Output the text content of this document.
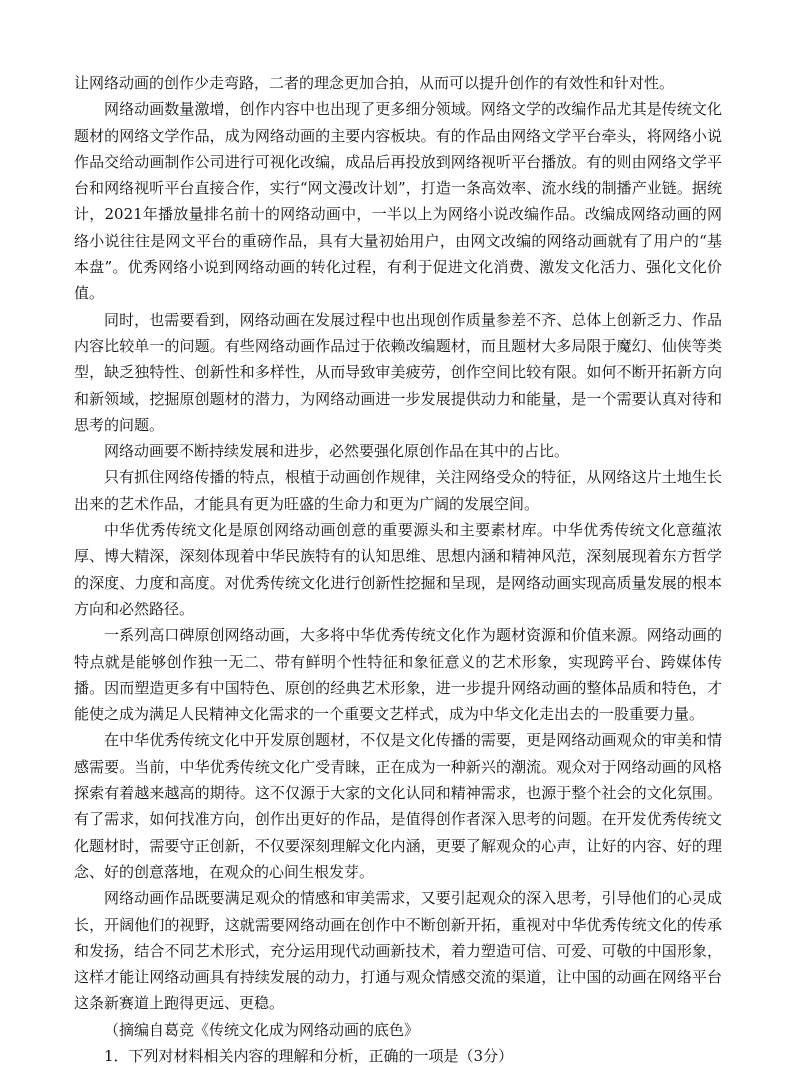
让网络动画的创作少走弯路，二者的理念更加合拍，从而可以提升创作的有效性和针对性。

网络动画数量激增，创作内容中也出现了更多细分领域。网络文学的改编作品尤其是传统文化题材的网络文学作品，成为网络动画的主要内容板块。有的作品由网络文学平台牵头，将网络小说作品交给动画制作公司进行可视化改编，成品后再投放到网络视听平台播放。有的则由网络文学平台和网络视听平台直接合作，实行“网文漫改计划”，打造一条高效率、流水线的制播产业链。据统计，2021年播放量排名前十的网络动画中，一半以上为网络小说改编作品。改编成网络动画的网络小说往往是网文平台的重磅作品，具有大量初始用户，由网文改编的网络动画就有了用户的“基本盘”。优秀网络小说到网络动画的转化过程，有利于促进文化消费、激发文化活力、强化文化价值。

同时，也需要看到，网络动画在发展过程中也出现创作质量参差不齐、总体上创新乏力、作品内容比较单一的问题。有些网络动画作品过于依赖改编题材，而且题材大多局限于魔幻、仙侠等类型，缺乏独特性、创新性和多样性，从而导致审美疲劳，创作空间比较有限。如何不断开拓新方向和新领域，挖掘原创题材的潜力，为网络动画进一步发展提供动力和能量，是一个需要认真对待和思考的问题。

网络动画要不断持续发展和进步，必然要强化原创作品在其中的占比。

只有抓住网络传播的特点，根植于动画创作规律，关注网络受众的特征，从网络这片土地生长出来的艺术作品，才能具有更为旺盛的生命力和更为广阔的发展空间。

中华优秀传统文化是原创网络动画创意的重要源头和主要素材库。中华优秀传统文化意蕴浓厚、博大精深，深刻体现着中华民族特有的认知思维、思想内涵和精神风范，深刻展现着东方哲学的深度、力度和高度。对优秀传统文化进行创新性挖掘和呈现，是网络动画实现高质量发展的根本方向和必然路径。

一系列高口碑原创网络动画，大多将中华优秀传统文化作为题材资源和价值来源。网络动画的特点就是能够创作独一无二、带有鲜明个性特征和象征意义的艺术形象，实现跨平台、跨媒体传播。因而塑造更多有中国特色、原创的经典艺术形象，进一步提升网络动画的整体品质和特色，才能使之成为满足人民精神文化需求的一个重要文艺样式，成为中华文化走出去的一股重要力量。

在中华优秀传统文化中开发原创题材，不仅是文化传播的需要，更是网络动画观众的审美和情感需要。当前，中华优秀传统文化广受青睐，正在成为一种新兴的潮流。观众对于网络动画的风格探索有着越来越高的期待。这不仅源于大家的文化认同和精神需求，也源于整个社会的文化氛围。有了需求，如何找准方向，创作出更好的作品，是值得创作者深入思考的问题。在开发优秀传统文化题材时，需要守正创新，不仅要深刻理解文化内涵，更要了解观众的心声，让好的内容、好的理念、好的创意落地，在观众的心间生根发芽。

网络动画作品既要满足观众的情感和审美需求，又要引起观众的深入思考，引导他们的心灵成长，开阔他们的视野，这就需要网络动画在创作中不断创新开拓，重视对中华优秀传统文化的传承和发扬，结合不同艺术形式，充分运用现代动画新技术，着力塑造可信、可爱、可敬的中国形象，这样才能让网络动画具有持续发展的动力，打通与观众情感交流的渠道，让中国的动画在网络平台这条新赛道上跑得更远、更稳。

（摘编自葛竞《传统文化成为网络动画的底色》

1．下列对材料相关内容的理解和分析，正确的一项是（3分）
